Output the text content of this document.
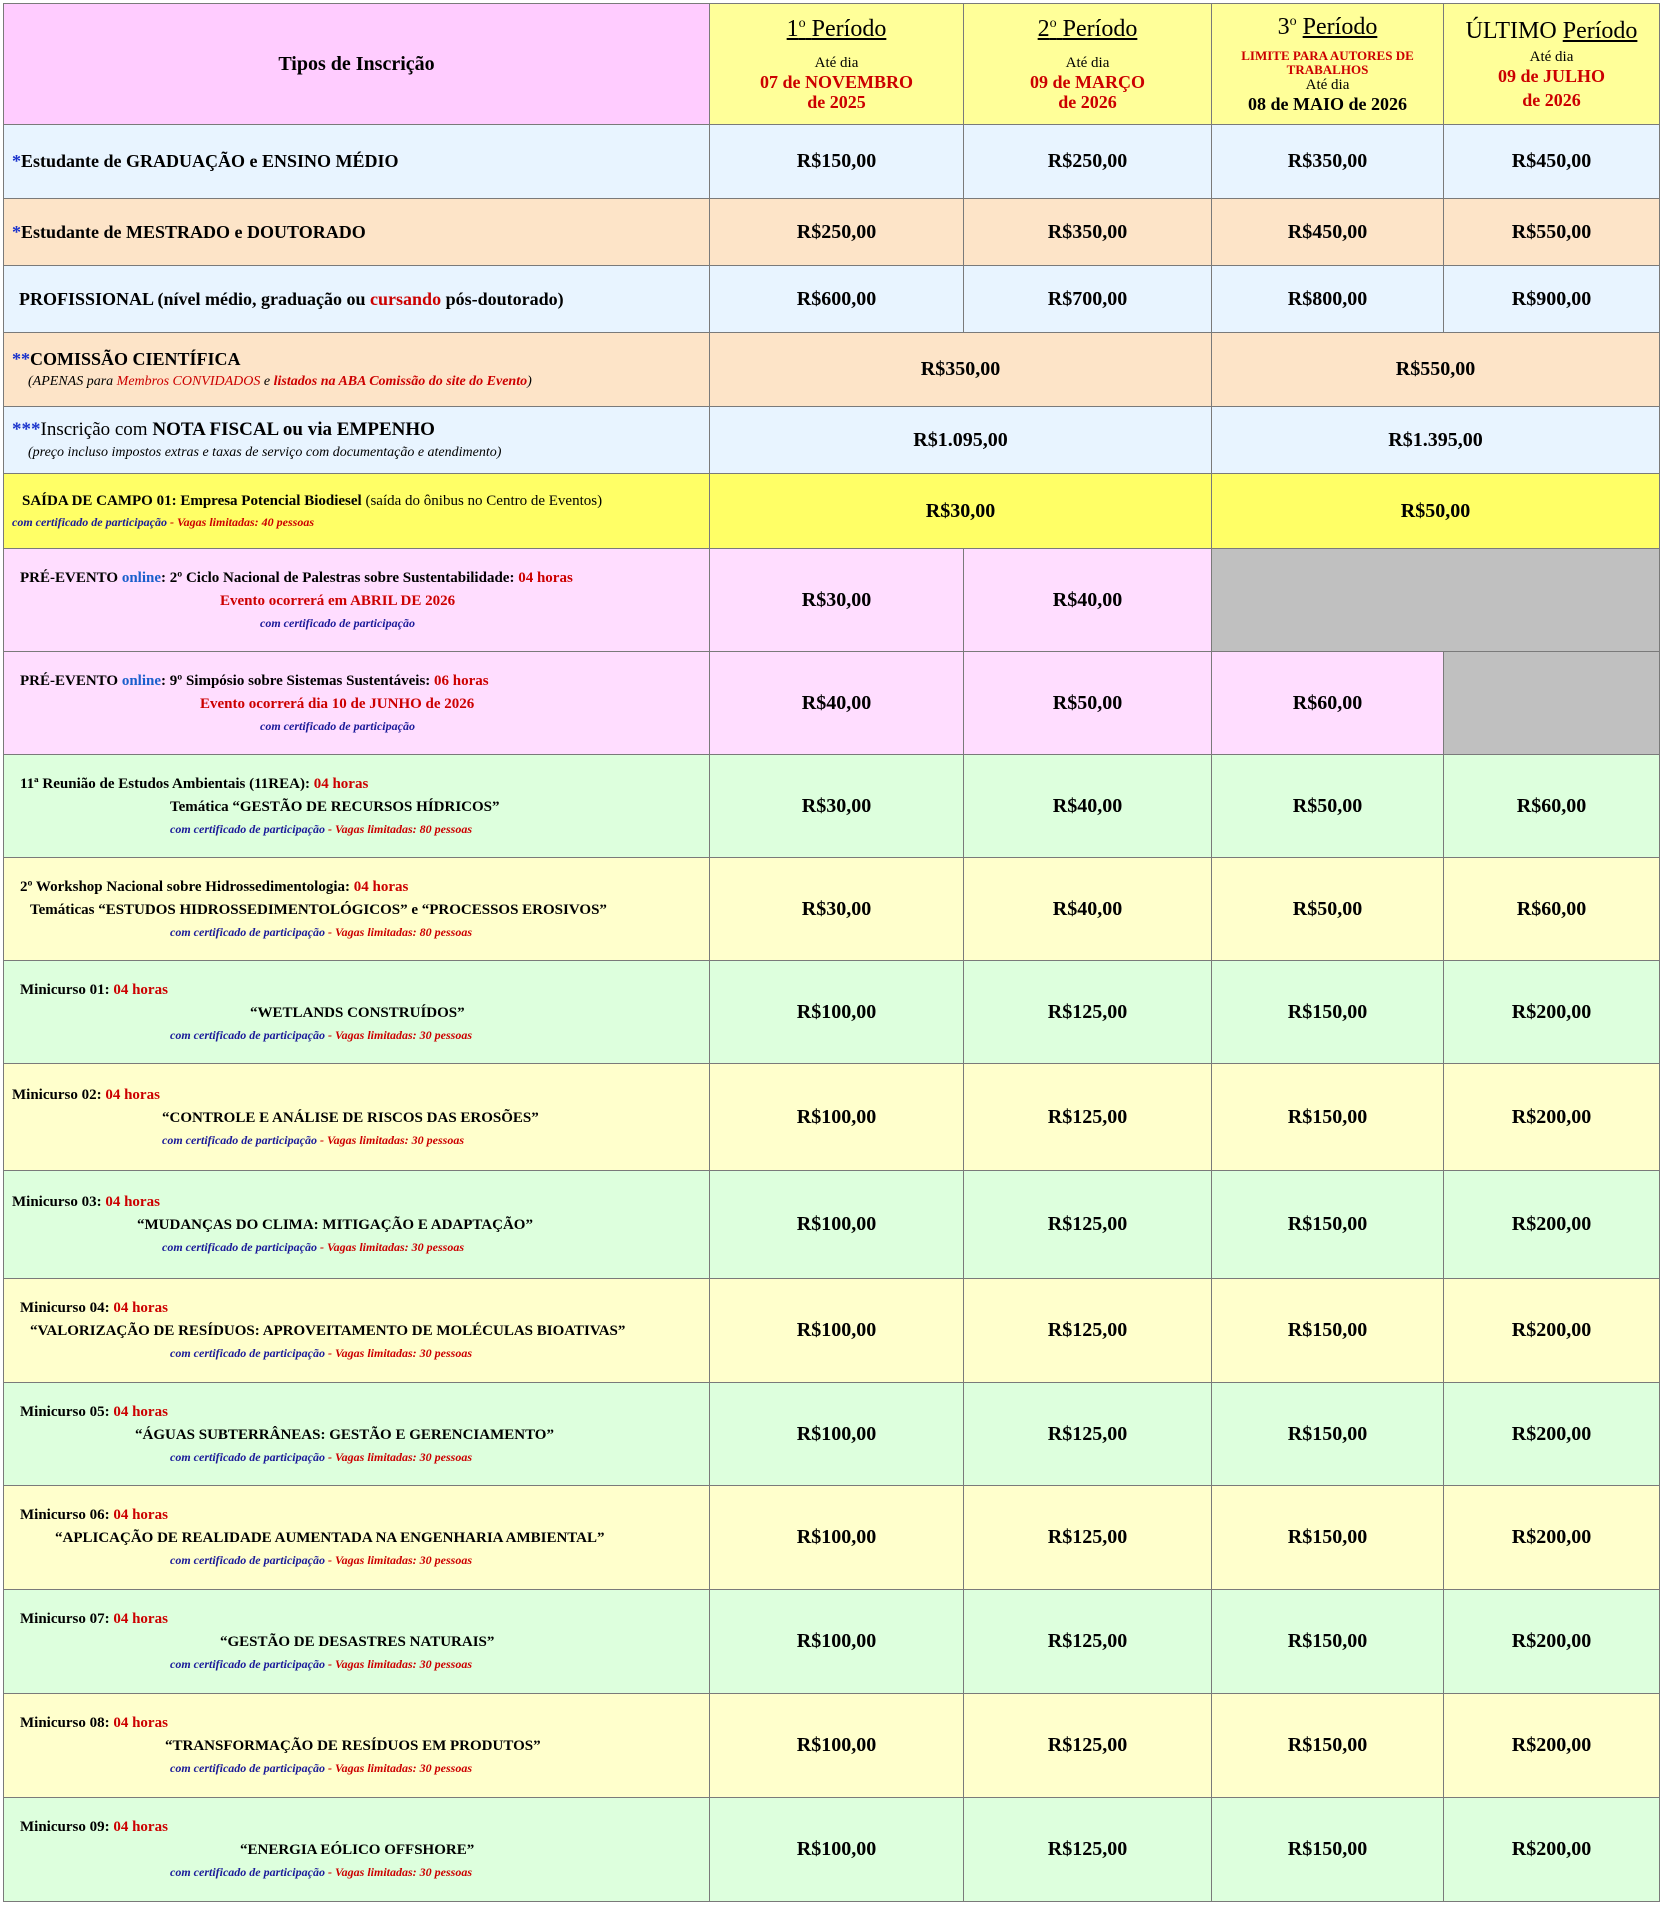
Tipos de Inscrição	1$^o$ Período
Até dia
07 de NOVEMBRO
de 2025	2$^o$ Período
Até dia
09 de MARÇO
de 2026	3$^o$ Período
LIMITE PARA AUTORES DE TRABALHOS
Até dia
08 de MAIO de 2026	ÚLTIMO Período
Até dia
09 de JULHO
de 2026

*Estudante de GRADUAÇÃO e ENSINO MÉDIO	R$150,00	R$250,00	R$350,00	R$450,00
*Estudante de MESTRADO e DOUTORADO	R$250,00	R$350,00	R$450,00	R$550,00
PROFISSIONAL (nível médio, graduação ou cursando pós-doutorado)	R$600,00	R$700,00	R$800,00	R$900,00
**COMISSÃO CIENTÍFICA
(APENAS para Membros CONVIDADOS e listados na ABA Comissão do site do Evento)	R$350,00		R$550,00	
***Inscrição com NOTA FISCAL ou via EMPENHO
(preço incluso impostos extras e taxas de serviço com documentação e atendimento)	R$1.095,00		R$1.395,00	
SAÍDA DE CAMPO 01: Empresa Potencial Biodiesel (saída do ônibus no Centro de Eventos)
com certificado de participação - Vagas limitadas: 40 pessoas	R$30,00		R$50,00	

PRÉ-EVENTO online: 2º Ciclo Nacional de Palestras sobre Sustentabilidade: 04 horas
Evento ocorrerá em ABRIL DE 2026
com certificado de participação	R$30,00	R$40,00		

PRÉ-EVENTO online: 9º Simpósio sobre Sistemas Sustentáveis: 06 horas
Evento ocorrerá dia 10 de JUNHO de 2026
com certificado de participação	R$40,00	R$50,00	R$60,00	

11ª Reunião de Estudos Ambientais (11REA): 04 horas
Temática “GESTÃO DE RECURSOS HÍDRICOS”
com certificado de participação - Vagas limitadas: 80 pessoas	R$30,00	R$40,00	R$50,00	R$60,00

2º Workshop Nacional sobre Hidrossedimentologia: 04 horas
Temáticas “ESTUDOS HIDROSSEDIMENTOLÓGICOS” e “PROCESSOS EROSIVOS”
com certificado de participação - Vagas limitadas: 80 pessoas	R$30,00	R$40,00	R$50,00	R$60,00

Minicurso 01: 04 horas
“WETLANDS CONSTRUÍDOS”
com certificado de participação - Vagas limitadas: 30 pessoas	R$100,00	R$125,00	R$150,00	R$200,00

Minicurso 02: 04 horas
“CONTROLE E ANÁLISE DE RISCOS DAS EROSÕES”
com certificado de participação - Vagas limitadas: 30 pessoas	R$100,00	R$125,00	R$150,00	R$200,00

Minicurso 03: 04 horas
“MUDANÇAS DO CLIMA: MITIGAÇÃO E ADAPTAÇÃO”
com certificado de participação - Vagas limitadas: 30 pessoas	R$100,00	R$125,00	R$150,00	R$200,00

Minicurso 04: 04 horas
“VALORIZAÇÃO DE RESÍDUOS: APROVEITAMENTO DE MOLÉCULAS BIOATIVAS”
com certificado de participação - Vagas limitadas: 30 pessoas	R$100,00	R$125,00	R$150,00	R$200,00

Minicurso 05: 04 horas
“ÁGUAS SUBTERRÂNEAS: GESTÃO E GERENCIAMENTO”
com certificado de participação - Vagas limitadas: 30 pessoas	R$100,00	R$125,00	R$150,00	R$200,00

Minicurso 06: 04 horas
“APLICAÇÃO DE REALIDADE AUMENTADA NA ENGENHARIA AMBIENTAL”
com certificado de participação - Vagas limitadas: 30 pessoas	R$100,00	R$125,00	R$150,00	R$200,00

Minicurso 07: 04 horas
“GESTÃO DE DESASTRES NATURAIS”
com certificado de participação - Vagas limitadas: 30 pessoas	R$100,00	R$125,00	R$150,00	R$200,00

Minicurso 08: 04 horas
“TRANSFORMAÇÃO DE RESÍDUOS EM PRODUTOS”
com certificado de participação - Vagas limitadas: 30 pessoas	R$100,00	R$125,00	R$150,00	R$200,00

Minicurso 09: 04 horas
“ENERGIA EÓLICO OFFSHORE”
com certificado de participação - Vagas limitadas: 30 pessoas	R$100,00	R$125,00	R$150,00	R$200,00
